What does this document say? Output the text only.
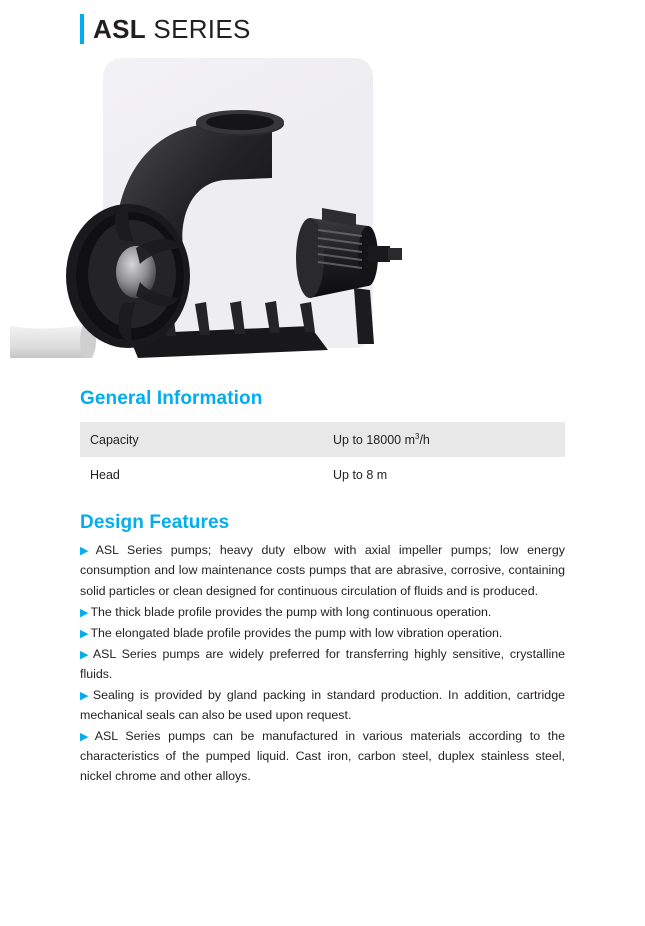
ASL SERIES
General Information
Capacity	Up to 18000 $m^3/h$
Head	Up to 8 m
Design Features

▶ ASL Series pumps; heavy duty elbow with axial impeller pumps; low energy consumption and low maintenance costs pumps that are abrasive, corrosive, containing solid particles or clean designed for continuous circulation of fluids and is produced.

▶ The thick blade profile provides the pump with long continuous operation.

▶ The elongated blade profile provides the pump with low vibration operation.

▶ ASL Series pumps are widely preferred for transferring highly sensitive, crystalline fluids.

▶ Sealing is provided by gland packing in standard production. In addition, cartridge mechanical seals can also be used upon request.

▶ ASL Series pumps can be manufactured in various materials according to the characteristics of the pumped liquid. Cast iron, carbon steel, duplex stainless steel, nickel chrome and other alloys.
